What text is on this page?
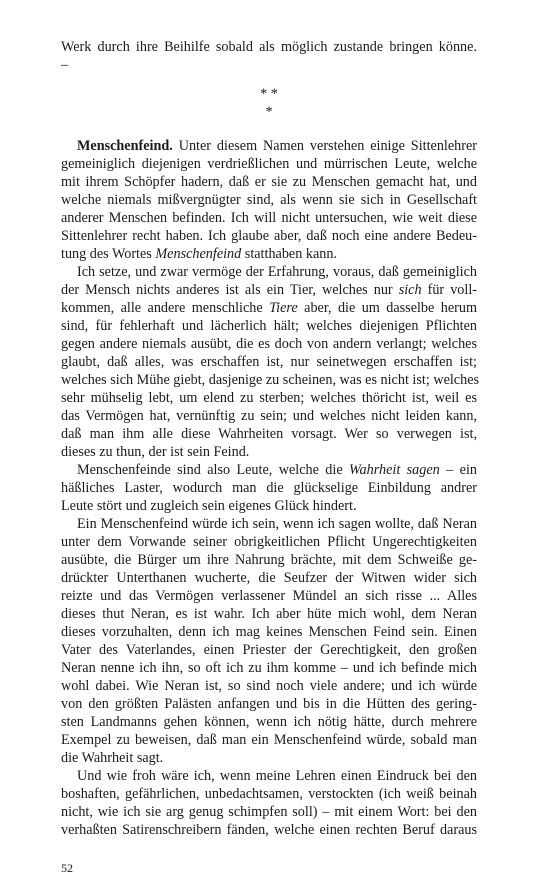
Werk durch ihre Beihilfe sobald als möglich zustande bringen könne.
–
* *
*
Menschenfeind. Unter diesem Namen verstehen einige Sittenlehrer
gemeiniglich diejenigen verdrießlichen und mürrischen Leute, welche
mit ihrem Schöpfer hadern, daß er sie zu Menschen gemacht hat, und
welche niemals mißvergnügter sind, als wenn sie sich in Gesellschaft
anderer Menschen befinden. Ich will nicht untersuchen, wie weit diese
Sittenlehrer recht haben. Ich glaube aber, daß noch eine andere Bedeu-
tung des Wortes Menschenfeind statthaben kann.
Ich setze, und zwar vermöge der Erfahrung, voraus, daß gemeiniglich
der Mensch nichts anderes ist als ein Tier, welches nur sich für voll-
kommen, alle andere menschliche Tiere aber, die um dasselbe herum
sind, für fehlerhaft und lächerlich hält; welches diejenigen Pflichten
gegen andere niemals ausübt, die es doch von andern verlangt; welches
glaubt, daß alles, was erschaffen ist, nur seinetwegen erschaffen ist;
welches sich Mühe giebt, dasjenige zu scheinen, was es nicht ist; welches
sehr mühselig lebt, um elend zu sterben; welches thöricht ist, weil es
das Vermögen hat, vernünftig zu sein; und welches nicht leiden kann,
daß man ihm alle diese Wahrheiten vorsagt. Wer so verwegen ist,
dieses zu thun, der ist sein Feind.
Menschenfeinde sind also Leute, welche die Wahrheit sagen – ein
häßliches Laster, wodurch man die glückselige Einbildung andrer
Leute stört und zugleich sein eigenes Glück hindert.
Ein Menschenfeind würde ich sein, wenn ich sagen wollte, daß Neran
unter dem Vorwande seiner obrigkeitlichen Pflicht Ungerechtigkeiten
ausübte, die Bürger um ihre Nahrung brächte, mit dem Schweiße ge-
drückter Unterthanen wucherte, die Seufzer der Witwen wider sich
reizte und das Vermögen verlassener Mündel an sich risse ... Alles
dieses thut Neran, es ist wahr. Ich aber hüte mich wohl, dem Neran
dieses vorzuhalten, denn ich mag keines Menschen Feind sein. Einen
Vater des Vaterlandes, einen Priester der Gerechtigkeit, den großen
Neran nenne ich ihn, so oft ich zu ihm komme – und ich befinde mich
wohl dabei. Wie Neran ist, so sind noch viele andere; und ich würde
von den größten Palästen anfangen und bis in die Hütten des gering-
sten Landmanns gehen können, wenn ich nötig hätte, durch mehrere
Exempel zu beweisen, daß man ein Menschenfeind würde, sobald man
die Wahrheit sagt.
Und wie froh wäre ich, wenn meine Lehren einen Eindruck bei den
boshaften, gefährlichen, unbedachtsamen, verstockten (ich weiß beinah
nicht, wie ich sie arg genug schimpfen soll) – mit einem Wort: bei den
verhaßten Satirenschreibern fänden, welche einen rechten Beruf daraus
52
